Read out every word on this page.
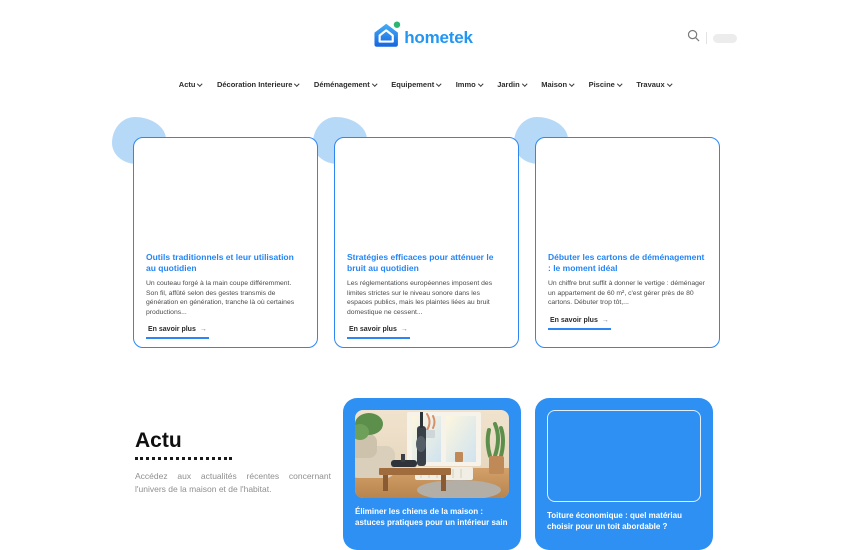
hometek
Actu	Décoration Interieure	Déménagement	Equipement	Immo	Jardin	Maison	Piscine	Travaux
Outils traditionnels et leur utilisation au quotidien
Un couteau forgé à la main coupe différemment. Son fil, affûté selon des gestes transmis de génération en génération, tranche là où certaines productions...
En savoir plus →
Stratégies efficaces pour atténuer le bruit au quotidien
Les réglementations européennes imposent des limites strictes sur le niveau sonore dans les espaces publics, mais les plaintes liées au bruit domestique ne cessent...
En savoir plus →
Débuter les cartons de déménagement : le moment idéal
Un chiffre brut suffit à donner le vertige : déménager un appartement de 60 m², c'est gérer près de 80 cartons. Débuter trop tôt,...
En savoir plus →
Actu

Accédez aux actualités récentes concernant l'univers de la maison et de l'habitat.

Éliminer les chiens de la maison : astuces pratiques pour un intérieur sain
Toiture économique : quel matériau choisir pour un toit abordable ?
